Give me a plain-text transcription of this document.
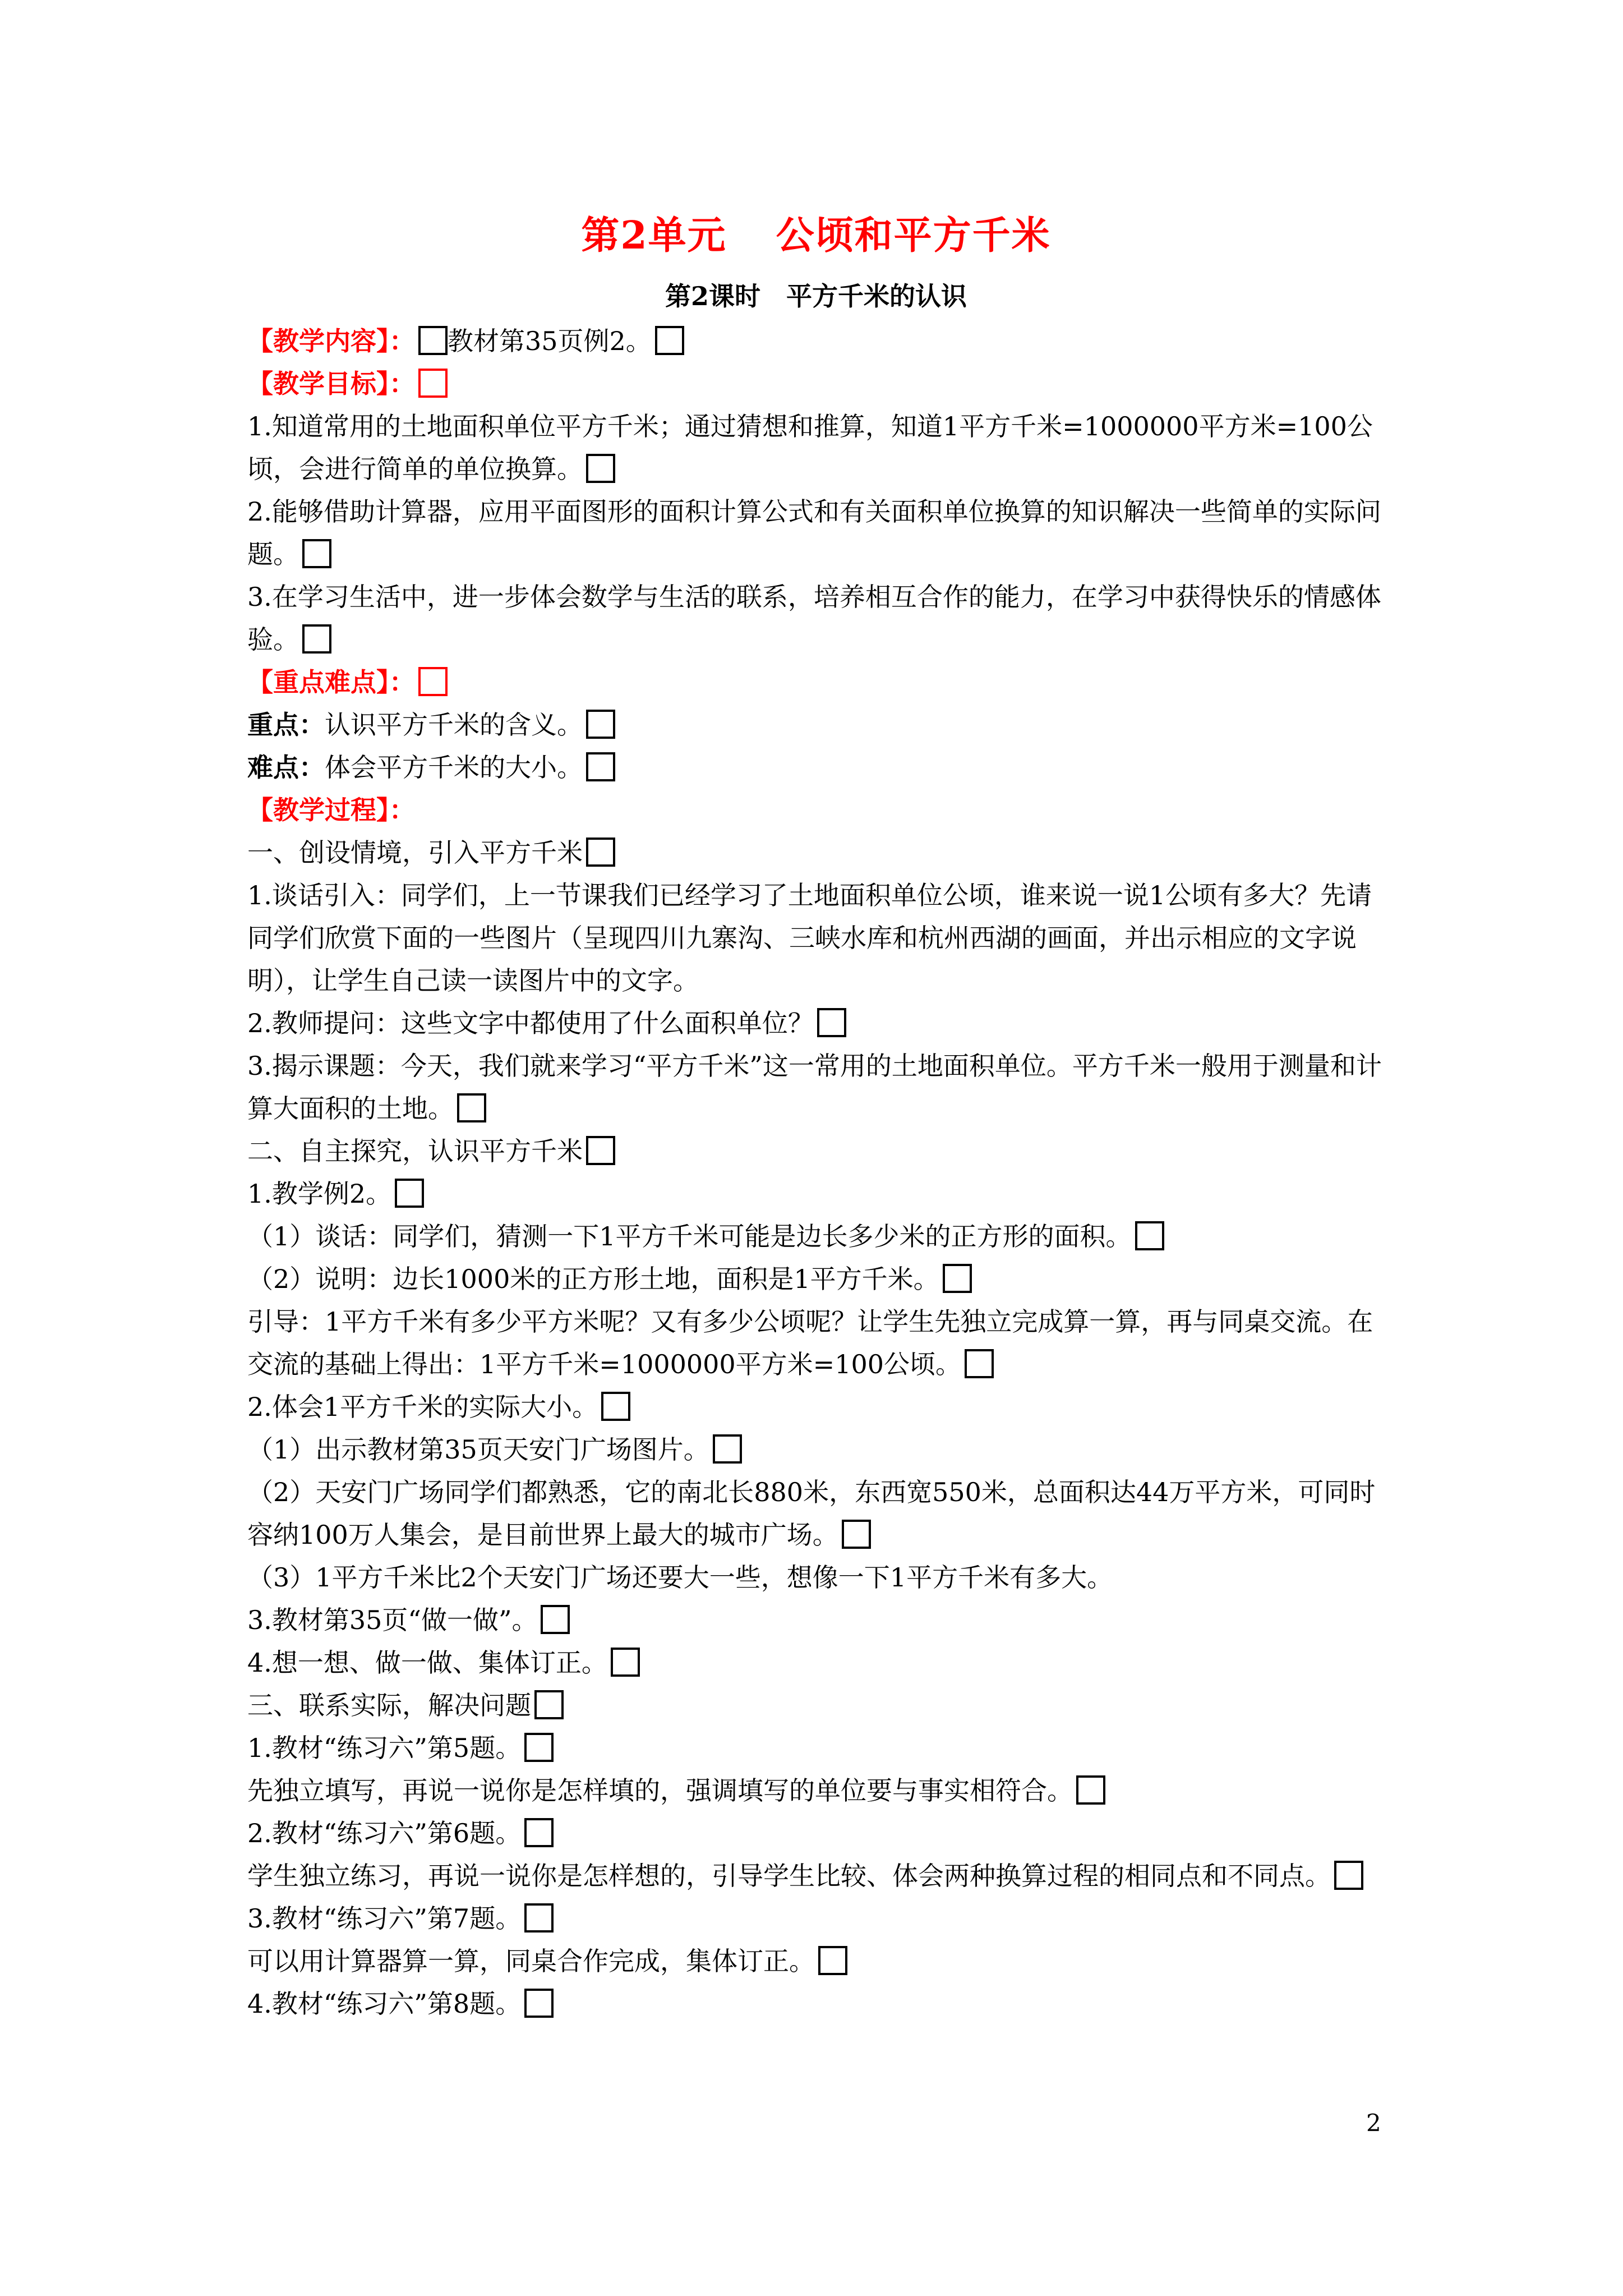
第2单元 公顷和平方千米
第2课时 平方千米的认识

【教学内容】： 教材第35页例2。

【教学目标】：

1.知道常用的土地面积单位平方千米；通过猜想和推算，知道1平方千米=1000000平方米=100公顷，会进行简单的单位换算。

2.能够借助计算器，应用平面图形的面积计算公式和有关面积单位换算的知识解决一些简单的实际问题。

3.在学习生活中，进一步体会数学与生活的联系，培养相互合作的能力，在学习中获得快乐的情感体验。

【重点难点】：

重点：认识平方千米的含义。

难点：体会平方千米的大小。

【教学过程】：

一、创设情境，引入平方千米

1.谈话引入：同学们，上一节课我们已经学习了土地面积单位公顷，谁来说一说1公顷有多大？先请同学们欣赏下面的一些图片（呈现四川九寨沟、三峡水库和杭州西湖的画面，并出示相应的文字说明），让学生自己读一读图片中的文字。

2.教师提问：这些文字中都使用了什么面积单位？

3.揭示课题：今天，我们就来学习“平方千米”这一常用的土地面积单位。平方千米一般用于测量和计算大面积的土地。

二、自主探究，认识平方千米

1.教学例2。

（1）谈话：同学们，猜测一下1平方千米可能是边长多少米的正方形的面积。

（2）说明：边长1000米的正方形土地，面积是1平方千米。

引导：1平方千米有多少平方米呢？又有多少公顷呢？让学生先独立完成算一算，再与同桌交流。在交流的基础上得出：1平方千米=1000000平方米=100公顷。

2.体会1平方千米的实际大小。

（1）出示教材第35页天安门广场图片。

（2）天安门广场同学们都熟悉，它的南北长880米，东西宽550米，总面积达44万平方米，可同时容纳100万人集会，是目前世界上最大的城市广场。

（3）1平方千米比2个天安门广场还要大一些，想像一下1平方千米有多大。

3.教材第35页“做一做”。

4.想一想、做一做、集体订正。

三、联系实际，解决问题

1.教材“练习六”第5题。

先独立填写，再说一说你是怎样填的，强调填写的单位要与事实相符合。

2.教材“练习六”第6题。

学生独立练习，再说一说你是怎样想的，引导学生比较、体会两种换算过程的相同点和不同点。

3.教材“练习六”第7题。

可以用计算器算一算，同桌合作完成，集体订正。

4.教材“练习六”第8题。

2
